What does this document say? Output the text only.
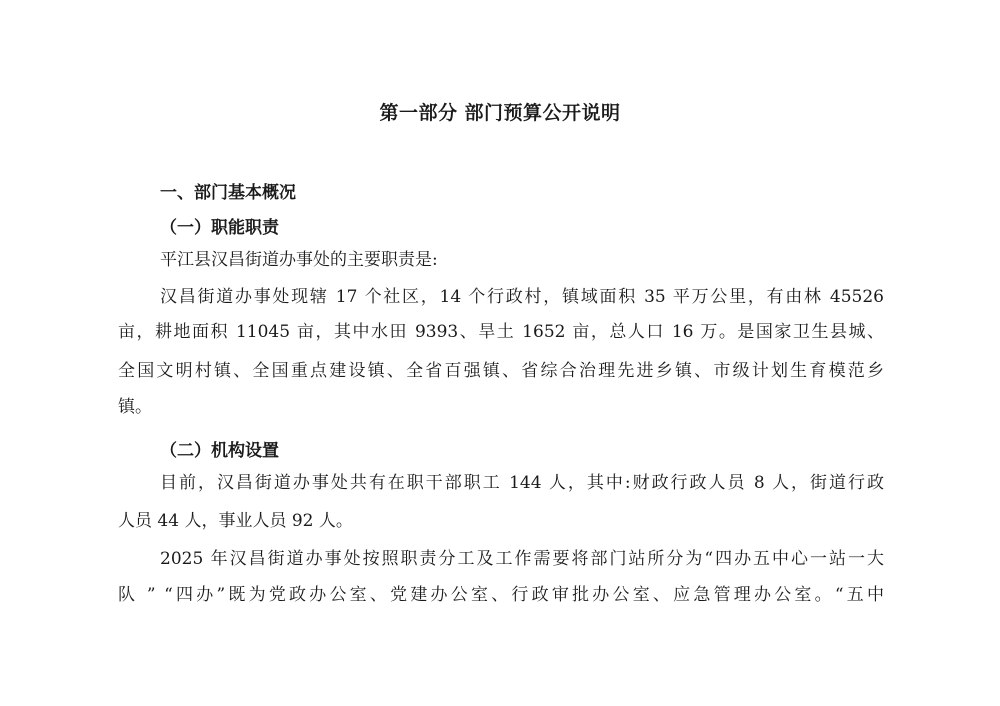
第一部分 部门预算公开说明
一、部门基本概况
（一）职能职责
平江县汉昌街道办事处的主要职责是:
汉昌街道办事处现辖 17 个社区，14 个行政村，镇域面积 35 平万公里，有由林 45526
亩，耕地面积 11045 亩，其中水田 9393、旱土 1652 亩，总人口 16 万。是国家卫生县城、
全国文明村镇、全国重点建设镇、全省百强镇、省综合治理先进乡镇、市级计划生育模范乡
镇。
（二）机构设置
目前，汉昌街道办事处共有在职干部职工 144 人，其中:财政行政人员 8 人，街道行政
人员 44 人，事业人员 92 人。
2025 年汉昌街道办事处按照职责分工及工作需要将部门站所分为“四办五中心一站一大
队 ” “四办”既为党政办公室、党建办公室、行政审批办公室、应急管理办公室。“五中
